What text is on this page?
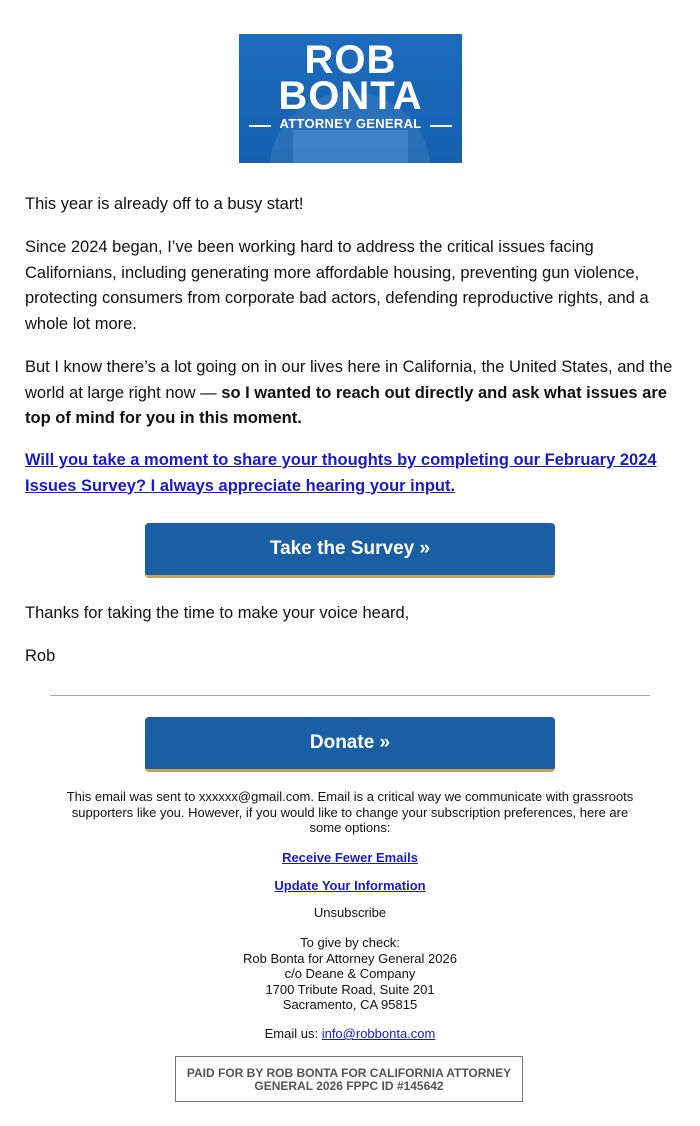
ROB
BONTA
ATTORNEY GENERAL

This year is already off to a busy start!

Since 2024 began, I’ve been working hard to address the critical issues facing Californians, including generating more affordable housing, preventing gun violence, protecting consumers from corporate bad actors, defending reproductive rights, and a whole lot more.

But I know there’s a lot going on in our lives here in California, the United States, and the world at large right now — so I wanted to reach out directly and ask what issues are top of mind for you in this moment.

Will you take a moment to share your thoughts by completing our February 2024 Issues Survey? I always appreciate hearing your input.
Take the Survey »

Thanks for taking the time to make your voice heard,

Rob

Donate »
This email was sent to xxxxxx@gmail.com. Email is a critical way we communicate with grassroots supporters like you. However, if you would like to change your subscription preferences, here are some options:
Receive Fewer Emails
Update Your Information
Unsubscribe
To give by check:
Rob Bonta for Attorney General 2026
c/o Deane & Company
1700 Tribute Road, Suite 201
Sacramento, CA 95815
Email us: info@robbonta.com
PAID FOR BY ROB BONTA FOR CALIFORNIA ATTORNEY GENERAL 2026 FPPC ID #145642
